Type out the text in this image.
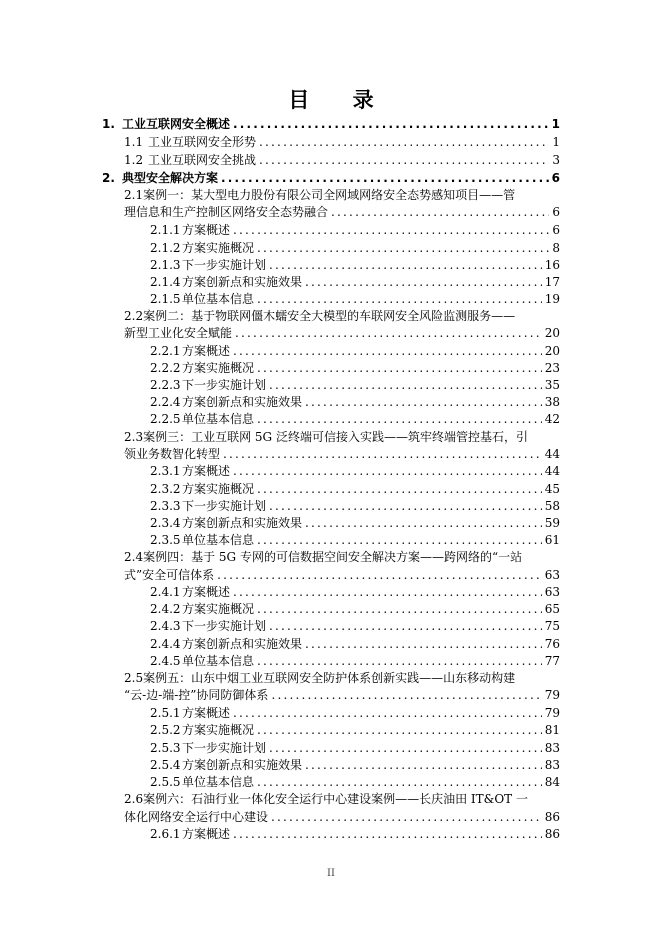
目 录
1. 工业互联网安全概述 .....	1
1.1 工业互联网安全形势 .....	1
1.2 工业互联网安全挑战 .....	3
2. 典型安全解决方案 .....	6
2.1案例一：某大型电力股份有限公司全网域网络安全态势感知项目——管
理信息和生产控制区网络安全态势融合 .....	6
2.1.1 方案概述 .....	6
2.1.2 方案实施概况 .....	8
2.1.3 下一步实施计划 .....	16
2.1.4 方案创新点和实施效果 .....	17
2.1.5 单位基本信息 .....	19
2.2案例二：基于物联网僵木蠕安全大模型的车联网安全风险监测服务——
新型工业化安全赋能 .....	20
2.2.1 方案概述 .....	20
2.2.2 方案实施概况 .....	23
2.2.3 下一步实施计划 .....	35
2.2.4 方案创新点和实施效果 .....	38
2.2.5 单位基本信息 .....	42
2.3案例三：工业互联网 5G 泛终端可信接入实践——筑牢终端管控基石，引
领业务数智化转型 .....	44
2.3.1 方案概述 .....	44
2.3.2 方案实施概况 .....	45
2.3.3 下一步实施计划 .....	58
2.3.4 方案创新点和实施效果 .....	59
2.3.5 单位基本信息 .....	61
2.4案例四：基于 5G 专网的可信数据空间安全解决方案——跨网络的“一站
式”安全可信体系 .....	63
2.4.1 方案概述 .....	63
2.4.2 方案实施概况 .....	65
2.4.3 下一步实施计划 .....	75
2.4.4 方案创新点和实施效果 .....	76
2.4.5 单位基本信息 .....	77
2.5案例五：山东中烟工业互联网安全防护体系创新实践——山东移动构建
“云-边-端-控”协同防御体系 .....	79
2.5.1 方案概述 .....	79
2.5.2 方案实施概况 .....	81
2.5.3 下一步实施计划 .....	83
2.5.4 方案创新点和实施效果 .....	83
2.5.5 单位基本信息 .....	84
2.6案例六：石油行业一体化安全运行中心建设案例——长庆油田 IT&OT 一
体化网络安全运行中心建设 .....	86
2.6.1 方案概述 .....	86
II
